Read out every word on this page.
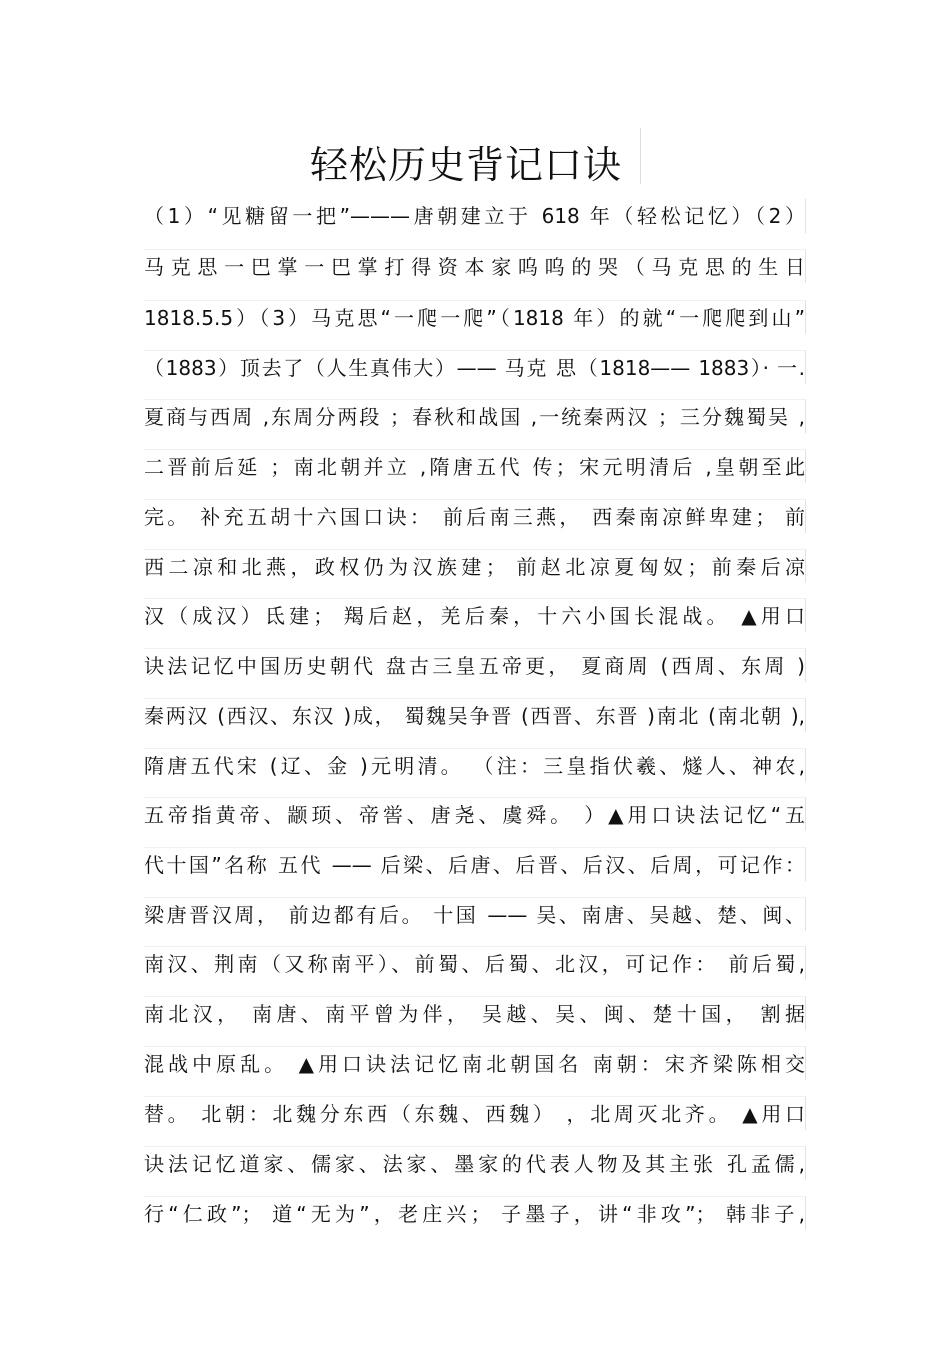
轻松历史背记口诀
（1）“见糖留一把”———唐朝建立于 618 年（轻松记忆）（2）
马克思一巴掌一巴掌打得资本家呜呜的哭（马克思的生日
1818.5.5）（3）马克思“一爬一爬”（1818 年）的就“一爬爬到山”
（1883）顶去了（人生真伟大）—— 马克 思（1818—— 1883）· 一.
夏商与西周 ,东周分两段 ；春秋和战国 ,一统秦两汉 ；三分魏蜀吴 ,
二晋前后延 ；南北朝并立 ,隋唐五代 传；宋元明清后 ,皇朝至此
完。 补充五胡十六国口诀： 前后南三燕， 西秦南凉鲜卑建； 前
西二凉和北燕，政权仍为汉族建； 前赵北凉夏匈奴；前秦后凉
汉（成汉）氐建； 羯后赵，羌后秦，十六小国长混战。 ▲用口
诀法记忆中国历史朝代 盘古三皇五帝更， 夏商周 (西周、东周 )
秦两汉 (西汉、东汉 )成， 蜀魏吴争晋 (西晋、东晋 )南北 (南北朝 ),
隋唐五代宋 (辽、金 )元明清。 （注：三皇指伏羲、燧人、神农,
五帝指黄帝、颛顼、帝喾、唐尧、虞舜。 ）▲用口诀法记忆“五
代十国”名称 五代 —— 后梁、后唐、后晋、后汉、后周，可记作：
梁唐晋汉周， 前边都有后。 十国 —— 吴、南唐、吴越、楚、闽、
南汉、荆南（又称南平）、前蜀、后蜀、北汉，可记作： 前后蜀,
南北汉， 南唐、南平曾为伴， 吴越、吴、闽、楚十国， 割据
混战中原乱。 ▲用口诀法记忆南北朝国名 南朝：宋齐梁陈相交
替。 北朝：北魏分东西（东魏、西魏） ，北周灭北齐。 ▲用口
诀法记忆道家、儒家、法家、墨家的代表人物及其主张 孔孟儒,
行“仁政”； 道“无为”，老庄兴； 子墨子，讲“非攻”； 韩非子,
